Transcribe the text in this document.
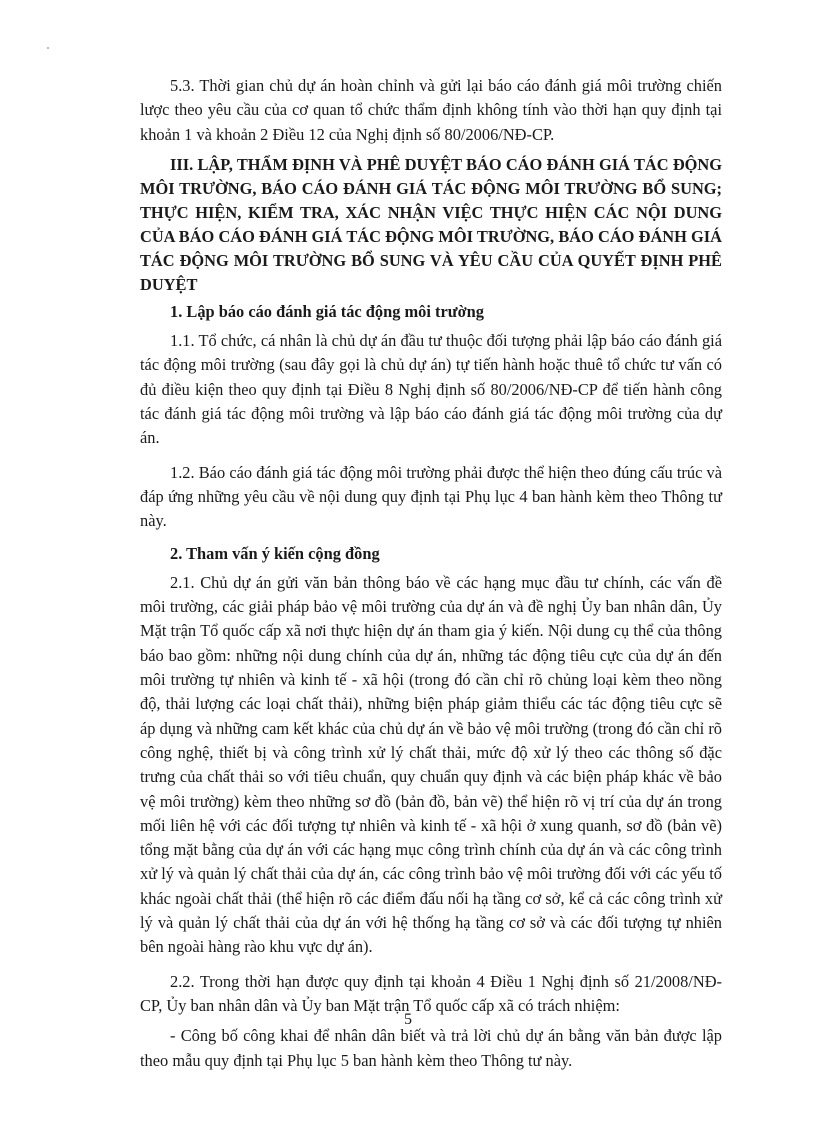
5.3. Thời gian chủ dự án hoàn chỉnh và gửi lại báo cáo đánh giá môi trường chiến lược theo yêu cầu của cơ quan tổ chức thẩm định không tính vào thời hạn quy định tại khoản 1 và khoản 2 Điều 12 của Nghị định số 80/2006/NĐ-CP.

III. LẬP, THẨM ĐỊNH VÀ PHÊ DUYỆT BÁO CÁO ĐÁNH GIÁ TÁC ĐỘNG MÔI TRƯỜNG, BÁO CÁO ĐÁNH GIÁ TÁC ĐỘNG MÔI TRƯỜNG BỔ SUNG; THỰC HIỆN, KIỂM TRA, XÁC NHẬN VIỆC THỰC HIỆN CÁC NỘI DUNG CỦA BÁO CÁO ĐÁNH GIÁ TÁC ĐỘNG MÔI TRƯỜNG, BÁO CÁO ĐÁNH GIÁ TÁC ĐỘNG MÔI TRƯỜNG BỔ SUNG VÀ YÊU CẦU CỦA QUYẾT ĐỊNH PHÊ DUYỆT
1. Lập báo cáo đánh giá tác động môi trường

1.1. Tổ chức, cá nhân là chủ dự án đầu tư thuộc đối tượng phải lập báo cáo đánh giá tác động môi trường (sau đây gọi là chủ dự án) tự tiến hành hoặc thuê tổ chức tư vấn có đủ điều kiện theo quy định tại Điều 8 Nghị định số 80/2006/NĐ-CP để tiến hành công tác đánh giá tác động môi trường và lập báo cáo đánh giá tác động môi trường của dự án.

1.2. Báo cáo đánh giá tác động môi trường phải được thể hiện theo đúng cấu trúc và đáp ứng những yêu cầu về nội dung quy định tại Phụ lục 4 ban hành kèm theo Thông tư này.

2. Tham vấn ý kiến cộng đồng

2.1. Chủ dự án gửi văn bản thông báo về các hạng mục đầu tư chính, các vấn đề môi trường, các giải pháp bảo vệ môi trường của dự án và đề nghị Ủy ban nhân dân, Ủy Mặt trận Tổ quốc cấp xã nơi thực hiện dự án tham gia ý kiến. Nội dung cụ thể của thông báo bao gồm: những nội dung chính của dự án, những tác động tiêu cực của dự án đến môi trường tự nhiên và kinh tế - xã hội (trong đó cần chỉ rõ chủng loại kèm theo nồng độ, thải lượng các loại chất thải), những biện pháp giảm thiểu các tác động tiêu cực sẽ áp dụng và những cam kết khác của chủ dự án về bảo vệ môi trường (trong đó cần chỉ rõ công nghệ, thiết bị và công trình xử lý chất thải, mức độ xử lý theo các thông số đặc trưng của chất thải so với tiêu chuẩn, quy chuẩn quy định và các biện pháp khác về bảo vệ môi trường) kèm theo những sơ đồ (bản đồ, bản vẽ) thể hiện rõ vị trí của dự án trong mối liên hệ với các đối tượng tự nhiên và kinh tế - xã hội ở xung quanh, sơ đồ (bản vẽ) tổng mặt bằng của dự án với các hạng mục công trình chính của dự án và các công trình xử lý và quản lý chất thải của dự án, các công trình bảo vệ môi trường đối với các yếu tố khác ngoài chất thải (thể hiện rõ các điểm đấu nối hạ tầng cơ sở, kể cả các công trình xử lý và quản lý chất thải của dự án với hệ thống hạ tầng cơ sở và các đối tượng tự nhiên bên ngoài hàng rào khu vực dự án).

2.2. Trong thời hạn được quy định tại khoản 4 Điều 1 Nghị định số 21/2008/NĐ-CP, Ủy ban nhân dân và Ủy ban Mặt trận Tổ quốc cấp xã có trách nhiệm:

- Công bố công khai để nhân dân biết và trả lời chủ dự án bằng văn bản được lập theo mẫu quy định tại Phụ lục 5 ban hành kèm theo Thông tư này.

5
